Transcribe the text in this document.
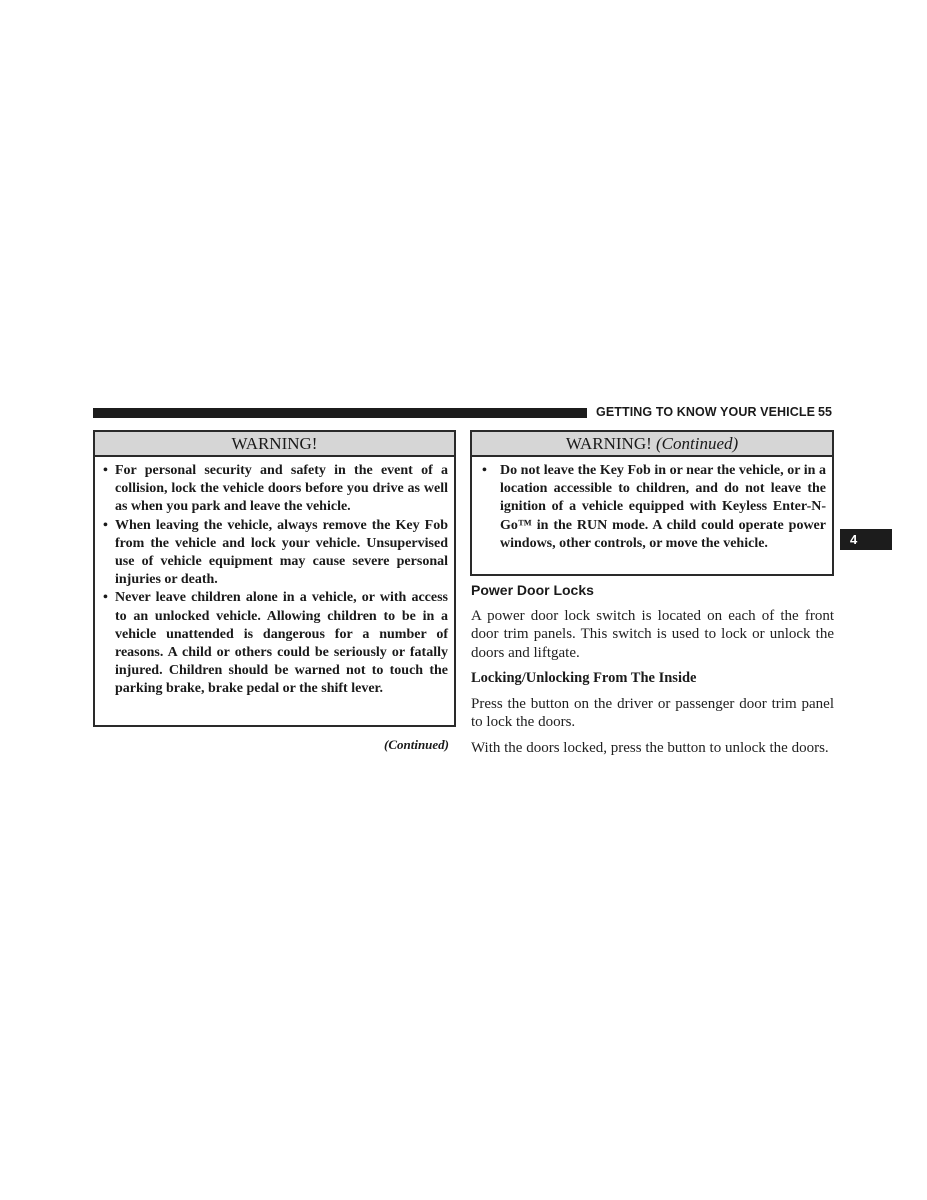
GETTING TO KNOW YOUR VEHICLE 55
4
WARNING!
• For personal security and safety in the event of a collision, lock the vehicle doors before you drive as well as when you park and leave the vehicle.
• When leaving the vehicle, always remove the Key Fob from the vehicle and lock your vehicle. Unsupervised use of vehicle equipment may cause severe personal injuries or death.
• Never leave children alone in a vehicle, or with access to an unlocked vehicle. Allowing children to be in a vehicle unattended is dangerous for a number of reasons. A child or others could be seriously or fatally injured. Children should be warned not to touch the parking brake, brake pedal or the shift lever.
(Continued)
WARNING! (Continued)
• Do not leave the Key Fob in or near the vehicle, or in a location accessible to children, and do not leave the ignition of a vehicle equipped with Keyless Enter-N-Go™ in the RUN mode. A child could operate power windows, other controls, or move the vehicle.
Power Door Locks
A power door lock switch is located on each of the front door trim panels. This switch is used to lock or unlock the doors and liftgate.
Locking/Unlocking From The Inside
Press the button on the driver or passenger door trim panel to lock the doors.
With the doors locked, press the button to unlock the doors.
